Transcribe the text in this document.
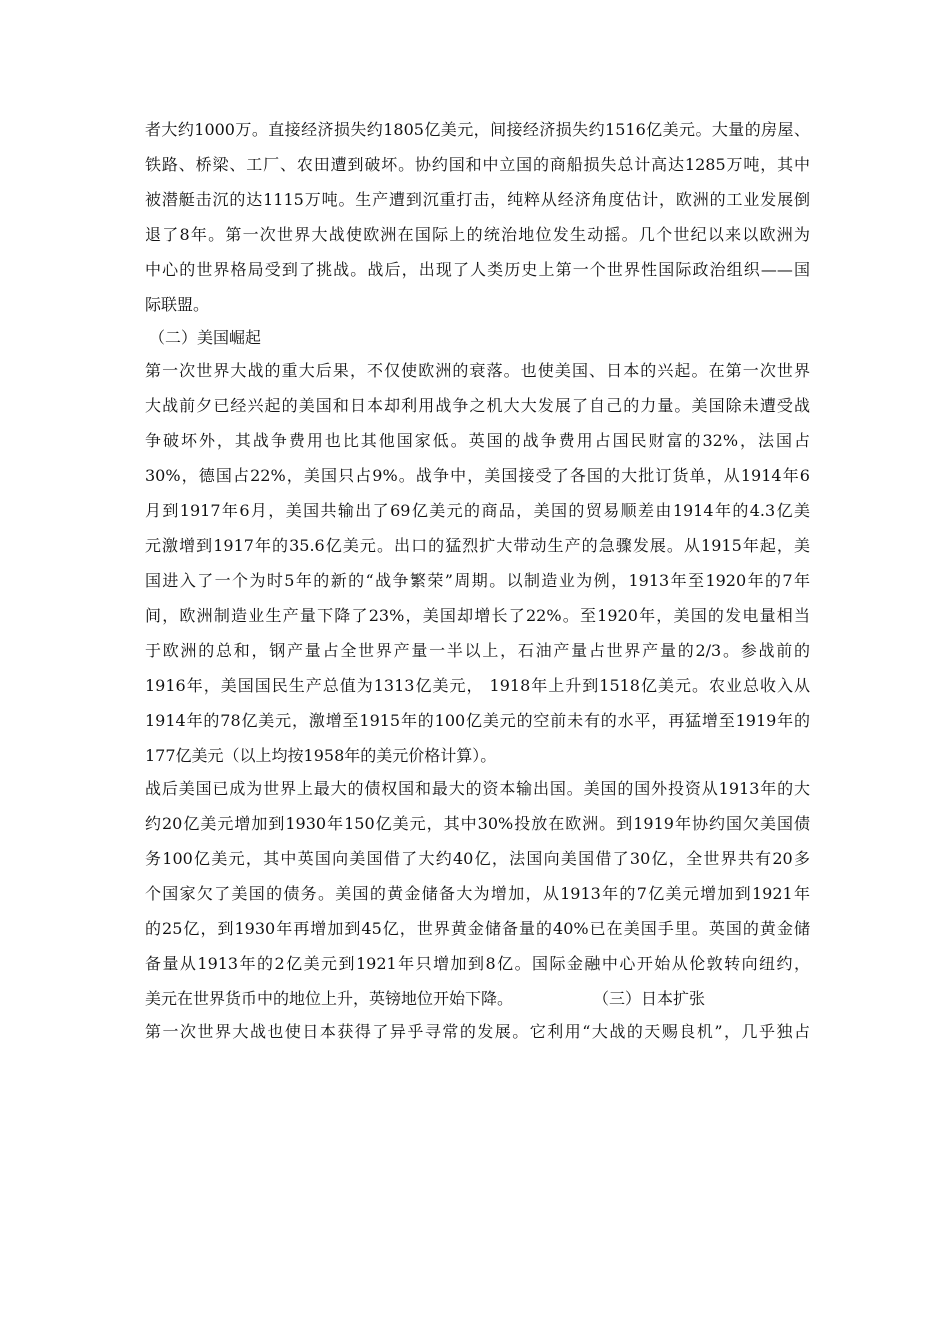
者大约1000万。直接经济损失约1805亿美元，间接经济损失约1516亿美元。大量的房屋、
铁路、桥梁、工厂、农田遭到破坏。协约国和中立国的商船损失总计高达1285万吨，其中
被潜艇击沉的达1115万吨。生产遭到沉重打击，纯粹从经济角度估计，欧洲的工业发展倒
退了8年。第一次世界大战使欧洲在国际上的统治地位发生动摇。几个世纪以来以欧洲为
中心的世界格局受到了挑战。战后，出现了人类历史上第一个世界性国际政治组织——国
际联盟。
（二）美国崛起
第一次世界大战的重大后果，不仅使欧洲的衰落。也使美国、日本的兴起。在第一次世界
大战前夕已经兴起的美国和日本却利用战争之机大大发展了自己的力量。美国除未遭受战
争破坏外，其战争费用也比其他国家低。英国的战争费用占国民财富的32%，法国占
30%，德国占22%，美国只占9%。战争中，美国接受了各国的大批订货单，从1914年6
月到1917年6月，美国共输出了69亿美元的商品，美国的贸易顺差由1914年的4.3亿美
元激增到1917年的35.6亿美元。出口的猛烈扩大带动生产的急骤发展。从1915年起，美
国进入了一个为时5年的新的“战争繁荣”周期。以制造业为例，1913年至1920年的7年
间，欧洲制造业生产量下降了23%，美国却增长了22%。至1920年，美国的发电量相当
于欧洲的总和，钢产量占全世界产量一半以上，石油产量占世界产量的2/3。参战前的
1916年，美国国民生产总值为1313亿美元， 1918年上升到1518亿美元。农业总收入从
1914年的78亿美元，激增至1915年的100亿美元的空前未有的水平，再猛增至1919年的
177亿美元（以上均按1958年的美元价格计算）。
战后美国已成为世界上最大的债权国和最大的资本输出国。美国的国外投资从1913年的大
约20亿美元增加到1930年150亿美元，其中30%投放在欧洲。到1919年协约国欠美国债
务100亿美元，其中英国向美国借了大约40亿，法国向美国借了30亿，全世界共有20多
个国家欠了美国的债务。美国的黄金储备大为增加，从1913年的7亿美元增加到1921年
的25亿，到1930年再增加到45亿，世界黄金储备量的40%已在美国手里。英国的黄金储
备量从1913年的2亿美元到1921年只增加到8亿。国际金融中心开始从伦敦转向纽约，
美元在世界货币中的地位上升，英镑地位开始下降。	（三）日本扩张
第一次世界大战也使日本获得了异乎寻常的发展。它利用“大战的天赐良机”，几乎独占
